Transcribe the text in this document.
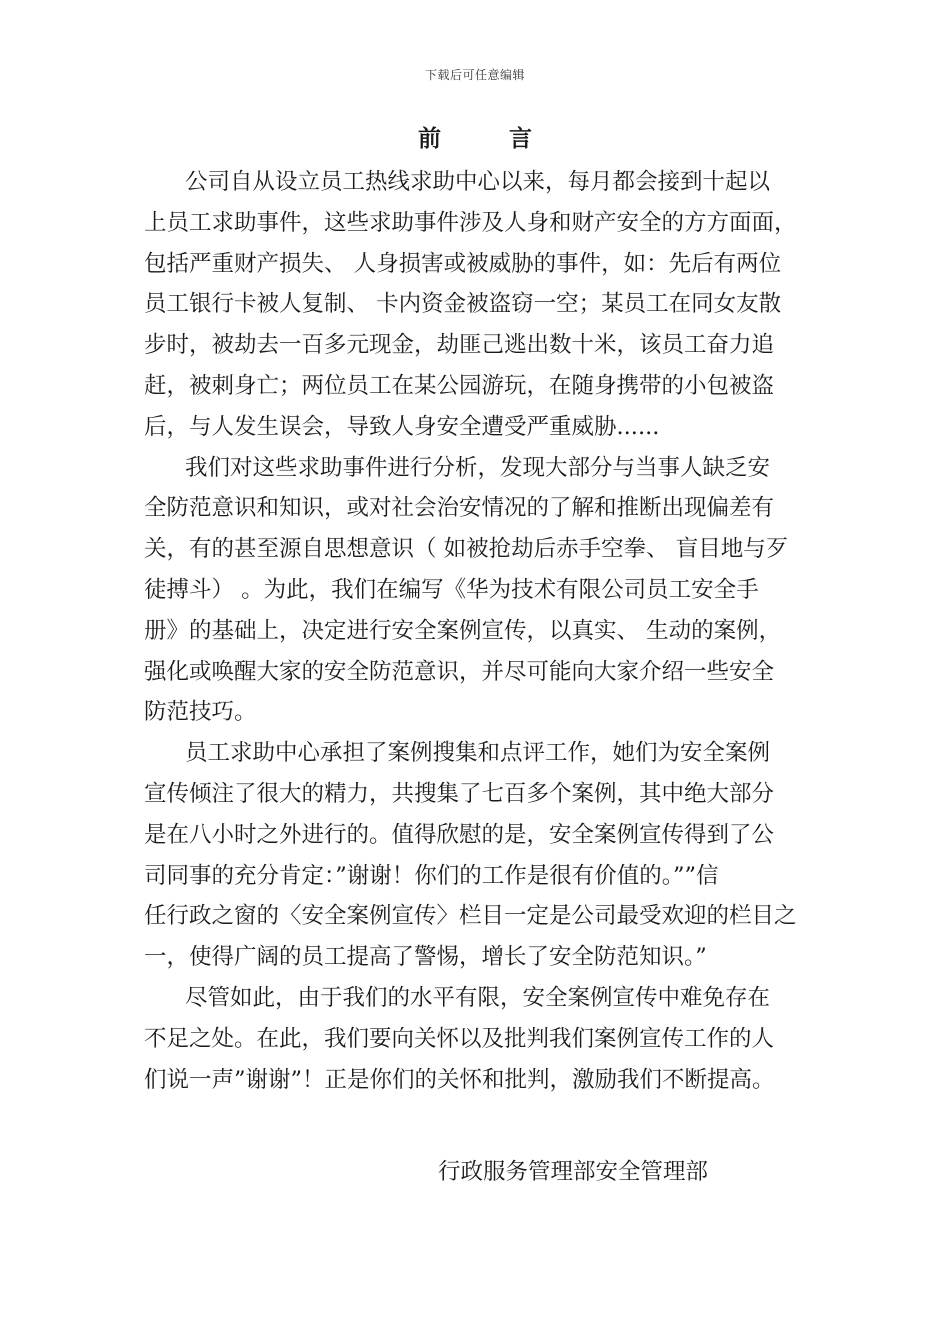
下载后可任意编辑
前 言
公司自从设立员工热线求助中心以来，每月都会接到十起以
上员工求助事件，这些求助事件涉及人身和财产安全的方方面面，
包括严重财产损失、 人身损害或被威胁的事件，如：先后有两位
员工银行卡被人复制、 卡内资金被盗窃一空；某员工在同女友散
步时，被劫去一百多元现金，劫匪己逃出数十米，该员工奋力追
赶，被刺身亡；两位员工在某公园游玩，在随身携带的小包被盗
后，与人发生误会，导致人身安全遭受严重威胁......
我们对这些求助事件进行分析，发现大部分与当事人缺乏安
全防范意识和知识，或对社会治安情况的了解和推断出现偏差有
关，有的甚至源自思想意识（ 如被抢劫后赤手空拳、 盲目地与歹
徒搏斗） 。为此，我们在编写《华为技术有限公司员工安全手
册》的基础上，决定进行安全案例宣传，以真实、 生动的案例，
强化或唤醒大家的安全防范意识，并尽可能向大家介绍一些安全
防范技巧。
员工求助中心承担了案例搜集和点评工作，她们为安全案例
宣传倾注了很大的精力，共搜集了七百多个案例，其中绝大部分
是在八小时之外进行的。值得欣慰的是，安全案例宣传得到了公
司同事的充分肯定：”谢谢！你们的工作是很有价值的。””信
任行政之窗的〈安全案例宣传〉栏目一定是公司最受欢迎的栏目之
一，使得广阔的员工提高了警惕，增长了安全防范知识。”
尽管如此，由于我们的水平有限，安全案例宣传中难免存在
不足之处。在此，我们要向关怀以及批判我们案例宣传工作的人
们说一声”谢谢”！正是你们的关怀和批判，激励我们不断提高。
行政服务管理部安全管理部
